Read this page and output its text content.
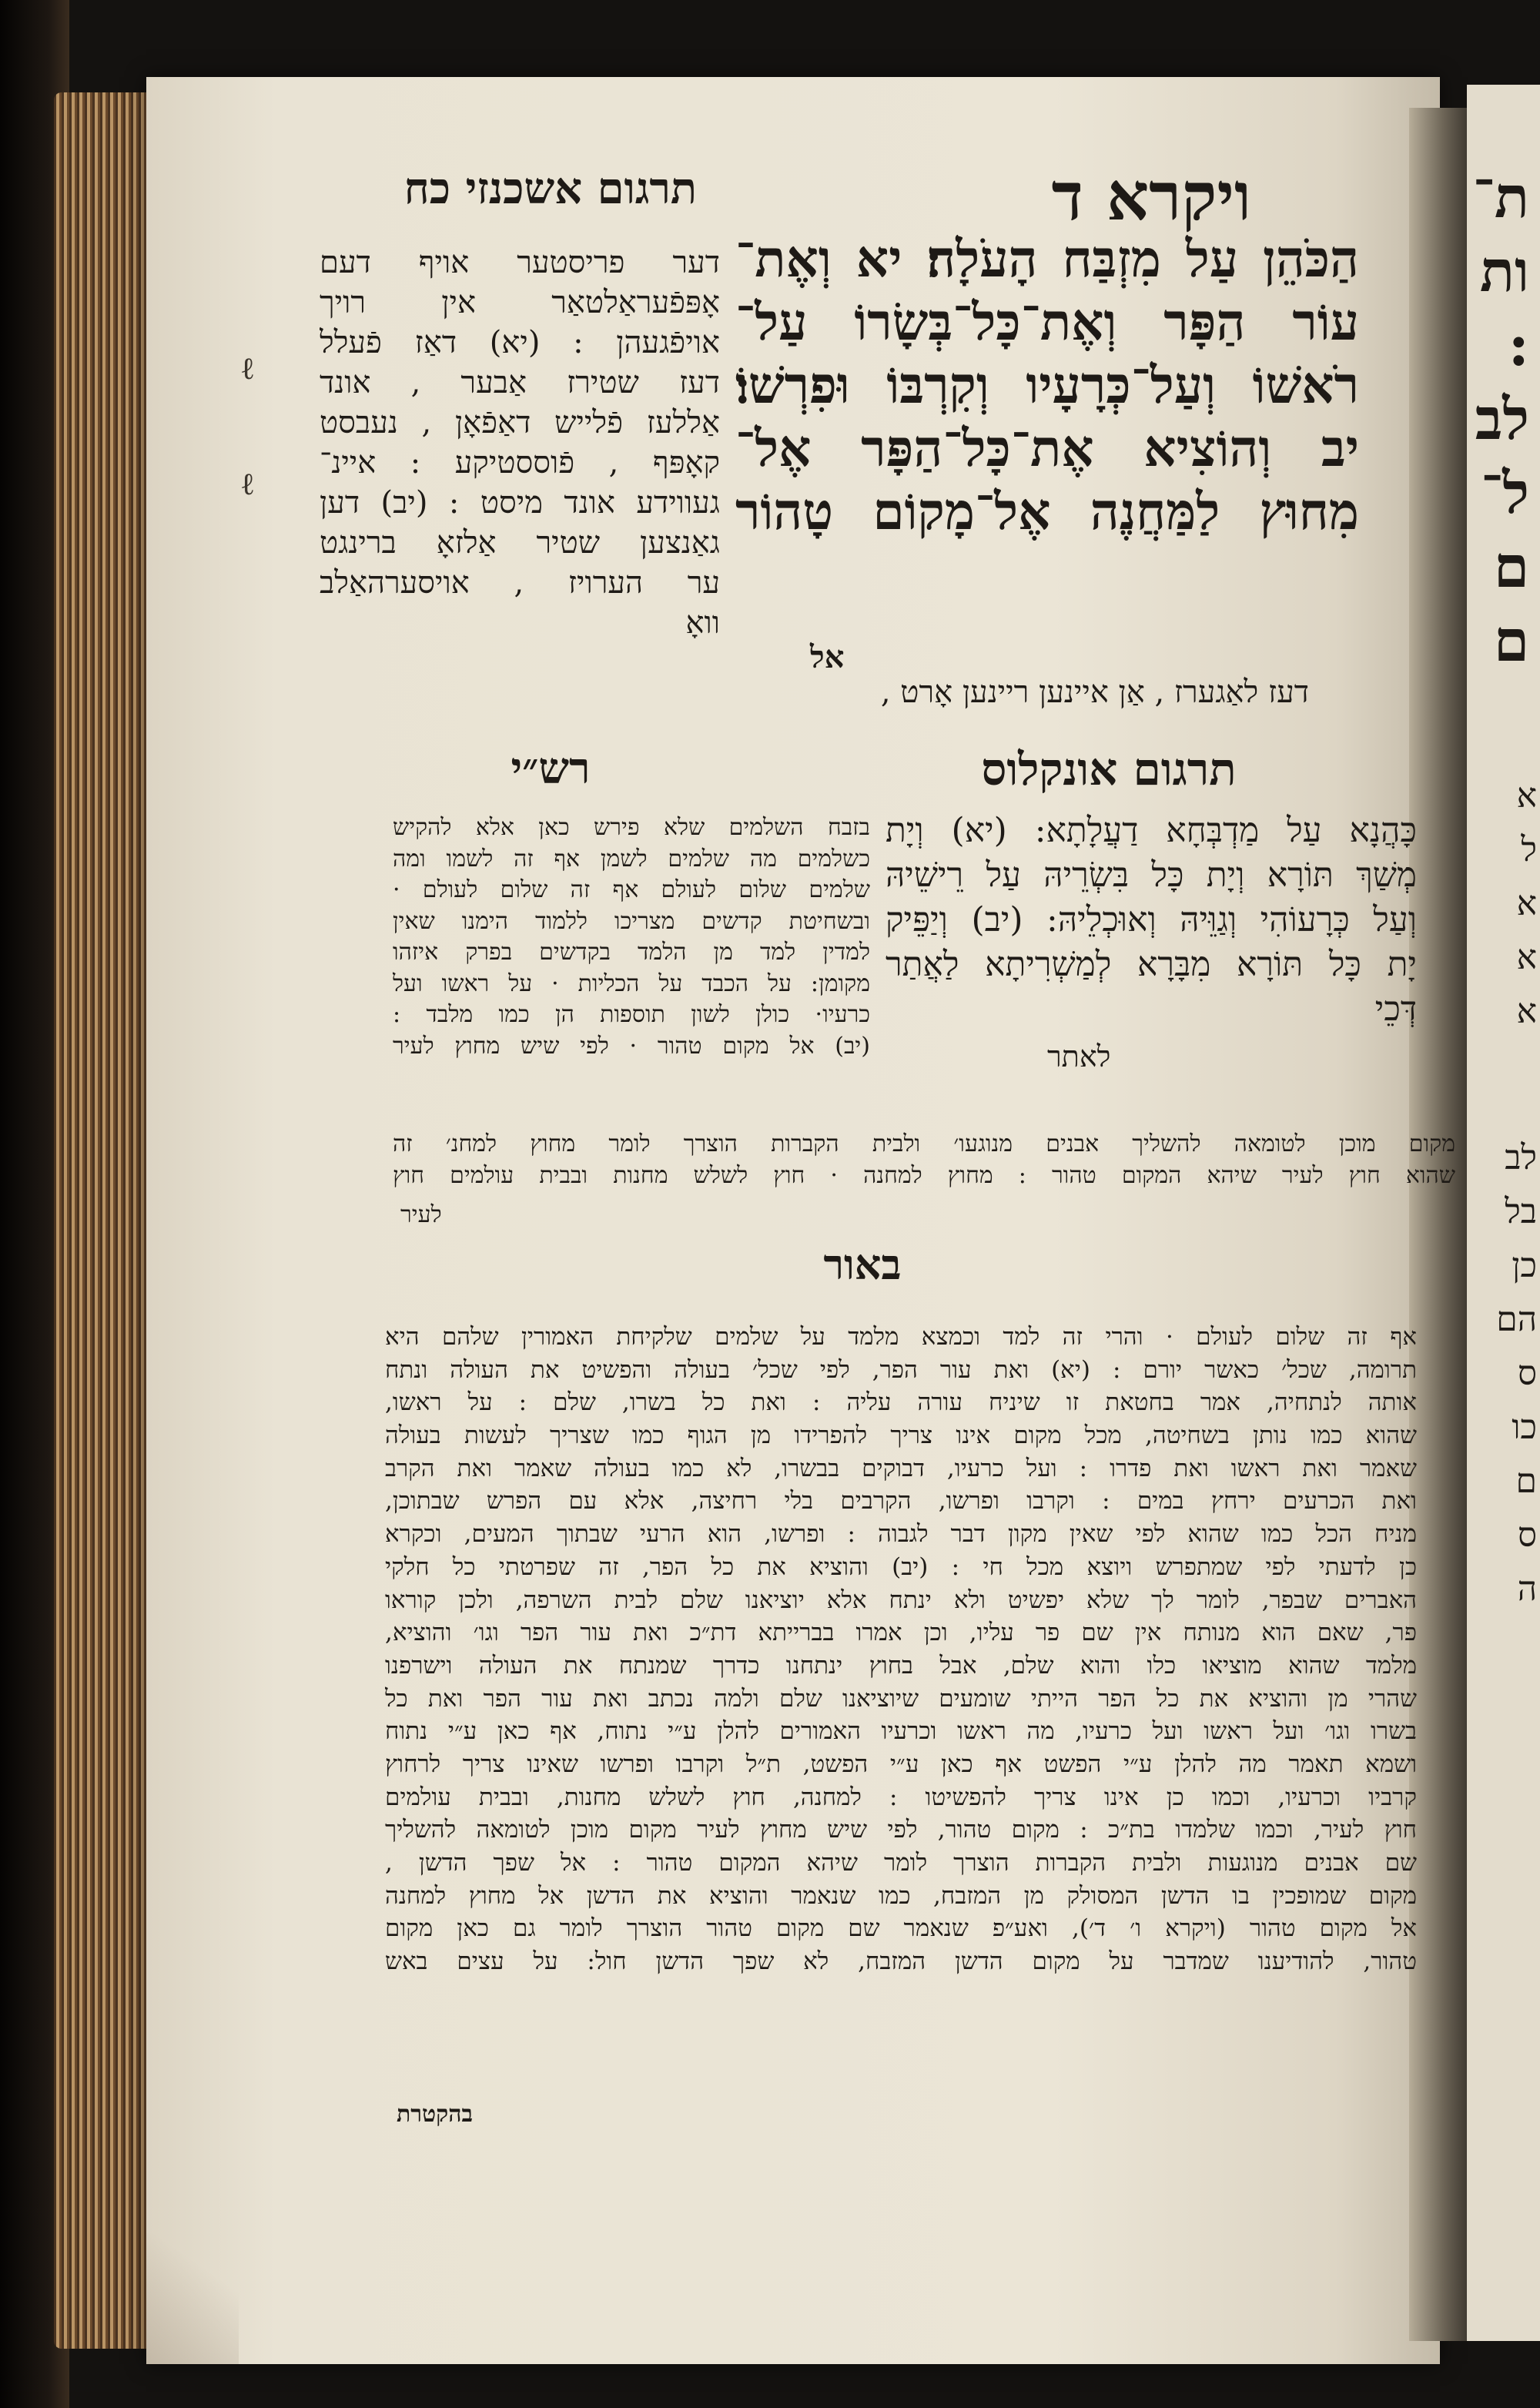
ת־
ות
:
לב
ל־
ם
ם
א
ל
א
א
א
לב
בל
כן
הם
ס
כו
ם
ס
ה
ויקרא ד
תרגום אשכנזי כח
הַכֹּהֵן עַל מִזְבַּח הָעֹלָה׃ יא וְאֶת־
עוֹר הַפָּר וְאֶת־כָּל־בְּשָׂרוֹ עַל־
רֹאשׁוֹ וְעַל־כְּרָעָיו וְקִרְבּוֹ וּפִרְשׁוֹ׃
יב וְהוֹצִיא אֶת־כָּל־הַפָּר אֶל־
מִחוּץ לַמַּחֲנֶה אֶל־מָקוֹם טָהוֹר
אל
דער פריסטער אויף דעם
אָפּפֿעראַלטאַר אין רויך
אויפֿגעהן : (יא) דאַז פֿעלל
דעז שטירז אַבער , אונד
אַללעז פֿלייש דאַפֿאָן , נעבסט
קאָפּף , פֿוססטיקע : איינ־
געווידע אונד מיסט : (יב) דען
גאַנצען שטיר אַלזאָ ברינגט
ער הערויז , אויסערהאַלב
וואָ
דעז לאַגערז , אַן איינען ריינען אָרט ,
ℓ
ℓ
רש״י	תרגום אונקלוס
כָּהֲנָא עַל מַדְבְּחָא דַעֲלָתָא: (יא) וְיָת
מְשַׁךְ תּוֹרָא וְיָת כָּל בִּשְׂרֵיהּ עַל רֵישֵׁיהּ
וְעַל כְּרָעוֹהִי וְגַוֵּיהּ וְאוּכְלֵיהּ: (יב) וְיַפֵּיק
יָת כָּל תּוֹרָא מִבָּרָא לְמַשְׁרִיתָא לַאֲתַר
דְּכֵי
לאתר
בזבח השלמים שלא פירש כאן אלא להקיש
כשלמים מה שלמים לשמן אף זה לשמו ומה
שלמים שלום לעולם אף זה שלום לעולם ·
ובשחיטת קדשים מצריכו ללמוד הימנו שאין
למדין למד מן הלמד בקדשים בפרק איזהו
מקומן: על הכבד על הכליות · על ראשו ועל
כרעיו· כולן לשון תוספות הן כמו מלבד :
(יב) אל מקום טהור · לפי שיש מחוץ לעיר
מקום מוכן לטומאה להשליך אבנים מנוגעו׳ ולבית הקברות הוצרך לומר מחוץ למחנ׳ זה
שהוא חוץ לעיר שיהא המקום טהור : מחוץ למחנה · חוץ לשלש מחנות ובבית עולמים חוץ
לעיר
באור
אף זה שלום לעולם · והרי זה למד וכמצא מלמד על שלמים שלקיחת האמורין שלהם היא
תרומה, שכל׳ כאשר יורם : (יא) ואת עור הפר, לפי שכל׳ בעולה והפשיט את העולה ונתח
אותה לנתחיה, אמר בחטאת זו שיניח עורה עליה : ואת כל בשרו, שלם : על ראשו,
שהוא כמו נותן בשחיטה, מכל מקום אינו צריך להפרידו מן הגוף כמו שצריך לעשות בעולה
שאמר ואת ראשו ואת פדרו : ועל כרעיו, דבוקים בבשרו, לא כמו בעולה שאמר ואת הקרב
ואת הכרעים ירחץ במים : וקרבו ופרשו, הקרבים בלי רחיצה, אלא עם הפרש שבתוכן,
מניח הכל כמו שהוא לפי שאין מקון דבר לגבוה : ופרשו, הוא הרעי שבתוך המעים, וכקרא
כן לדעתי לפי שמתפרש ויוצא מכל חי : (יב) והוציא את כל הפר, זה שפרטתי כל חלקי
האברים שבפר, לומר לך שלא יפשיט ולא ינתח אלא יוציאנו שלם לבית השרפה, ולכן קוראו
פר, שאם הוא מנותח אין שם פר עליו, וכן אמרו בברייתא דת״כ ואת עור הפר וגו׳ והוציא,
מלמד שהוא מוציאו כלו והוא שלם, אבל בחוץ ינתחנו כדרך שמנתח את העולה וישרפנו
שהרי מן והוציא את כל הפר הייתי שומעים שיוציאנו שלם ולמה נכתב ואת עור הפר ואת כל
בשרו וגו׳ ועל ראשו ועל כרעיו, מה ראשו וכרעיו האמורים להלן ע״י נתוח, אף כאן ע״י נתוח
ושמא תאמר מה להלן ע״י הפשט אף כאן ע״י הפשט, ת״ל וקרבו ופרשו שאינו צריך לרחוץ
קרביו וכרעיו, וכמו כן אינו צריך להפשיטו : למחנה, חוץ לשלש מחנות, ובבית עולמים
חוץ לעיר, וכמו שלמדו בת״כ : מקום טהור, לפי שיש מחוץ לעיר מקום מוכן לטומאה להשליך
שם אבנים מנוגעות ולבית הקברות הוצרך לומר שיהא המקום טהור : אל שפך הדשן ,
מקום שמופכין בו הדשן המסולק מן המזבח, כמו שנאמר והוציא את הדשן אל מחוץ למחנה
אל מקום טהור (ויקרא ו׳ ד׳), ואע״פ שנאמר שם מקום טהור הוצרך לומר גם כאן מקום
טהור, להודיענו שמדבר על מקום הדשן המזבח, לא שפך הדשן חול: על עצים באש
בהקטרת
